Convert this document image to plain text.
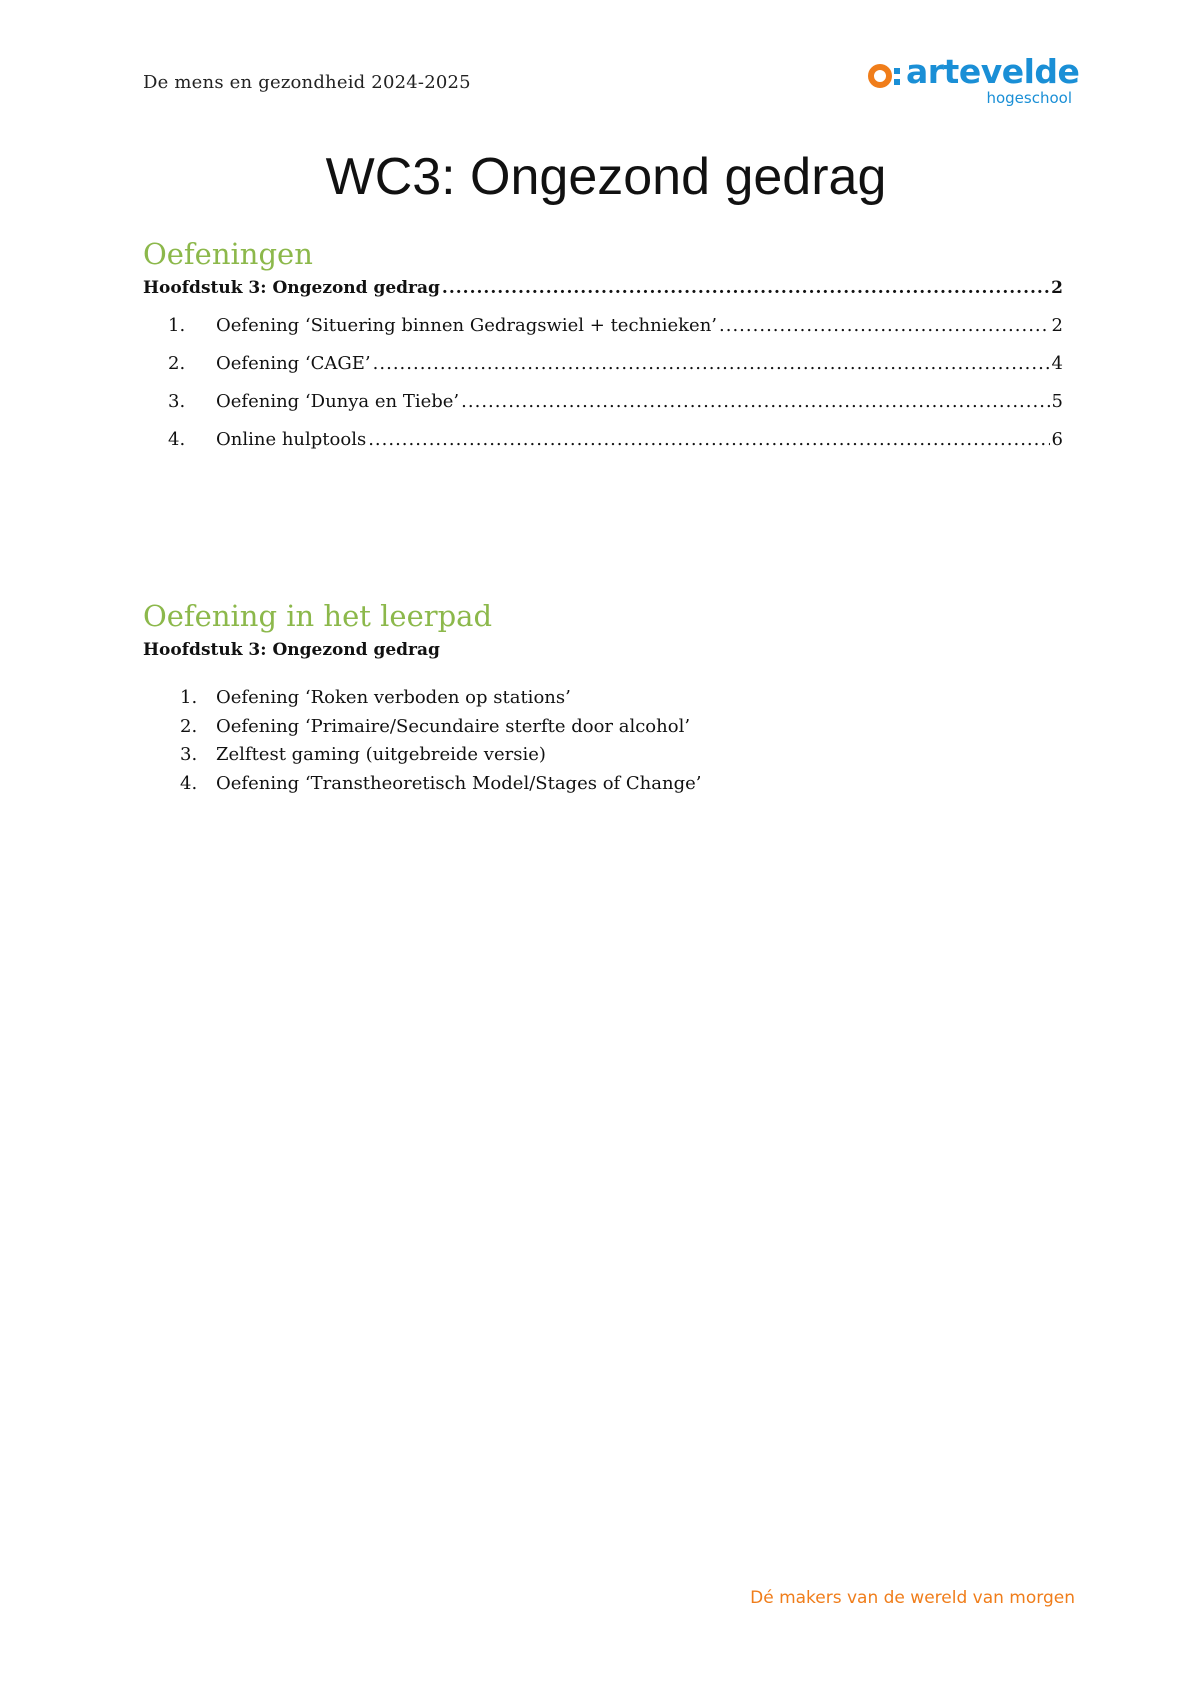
De mens en gezondheid 2024-2025	artevelde
hogeschool
WC3: Ongezond gedrag
Oefeningen
Hoofdstuk 3: Ongezond gedrag .....	2
1.	Oefening ‘Situering binnen Gedragswiel + technieken’ .....	2
2.	Oefening ‘CAGE’ .....	4
3.	Oefening ‘Dunya en Tiebe’ .....	5
4.	Online hulptools .....	6
Oefening in het leerpad
Hoofdstuk 3: Ongezond gedrag
1.	Oefening ‘Roken verboden op stations’
2.	Oefening ‘Primaire/Secundaire sterfte door alcohol’
3.	Zelftest gaming (uitgebreide versie)
4.	Oefening ‘Transtheoretisch Model/Stages of Change’
Dé makers van de wereld van morgen
